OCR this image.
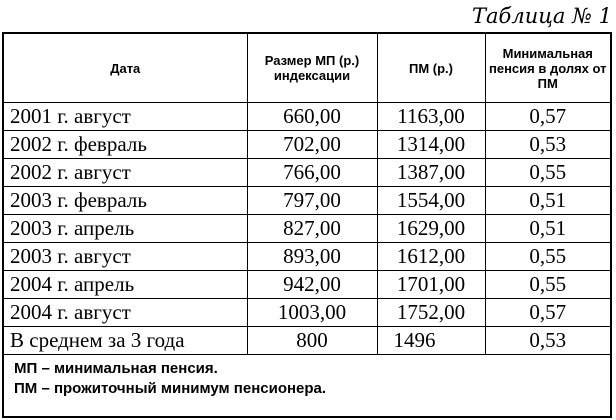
Таблица № 1
Дата	Размер МП (р.) индексации	ПМ (р.)	Минимальная пенсия в долях от ПМ
2001 г. август	660,00	1163,00	0,57
2002 г. февраль	702,00	1314,00	0,53
2002 г. август	766,00	1387,00	0,55
2003 г. февраль	797,00	1554,00	0,51
2003 г. апрель	827,00	1629,00	0,51
2003 г. август	893,00	1612,00	0,55
2004 г. апрель	942,00	1701,00	0,55
2004 г. август	1003,00	1752,00	0,57
В среднем за 3 года	800	1496	0,53
МП – минимальная пенсия.
ПМ – прожиточный минимум пенсионера.
